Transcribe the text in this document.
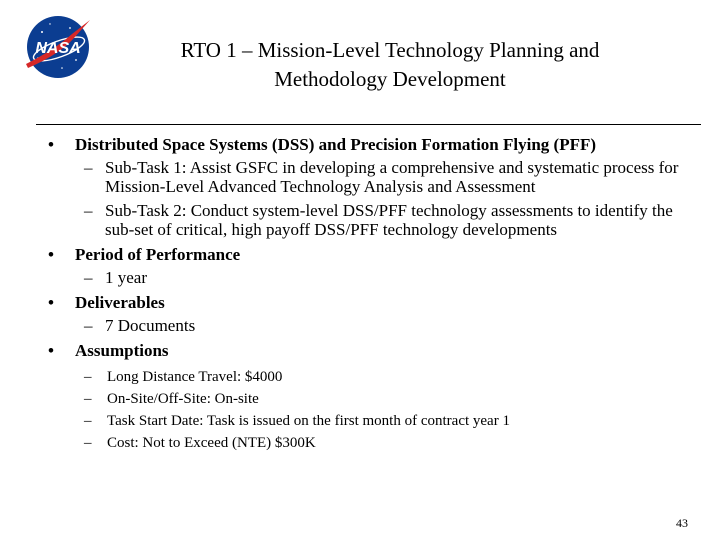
NASA	RTO 1 – Mission-Level Technology Planning and
Methodology Development
• Distributed Space Systems (DSS) and Precision Formation Flying (PFF)
– Sub-Task 1: Assist GSFC in developing a comprehensive and systematic process for Mission-Level Advanced Technology Analysis and Assessment
– Sub-Task 2: Conduct system-level DSS/PFF technology assessments to identify the sub-set of critical, high payoff DSS/PFF technology developments
• Period of Performance
– 1 year
• Deliverables
– 7 Documents
• Assumptions
– Long Distance Travel: $4000
– On-Site/Off-Site: On-site
– Task Start Date: Task is issued on the first month of contract year 1
– Cost: Not to Exceed (NTE) $300K
43
